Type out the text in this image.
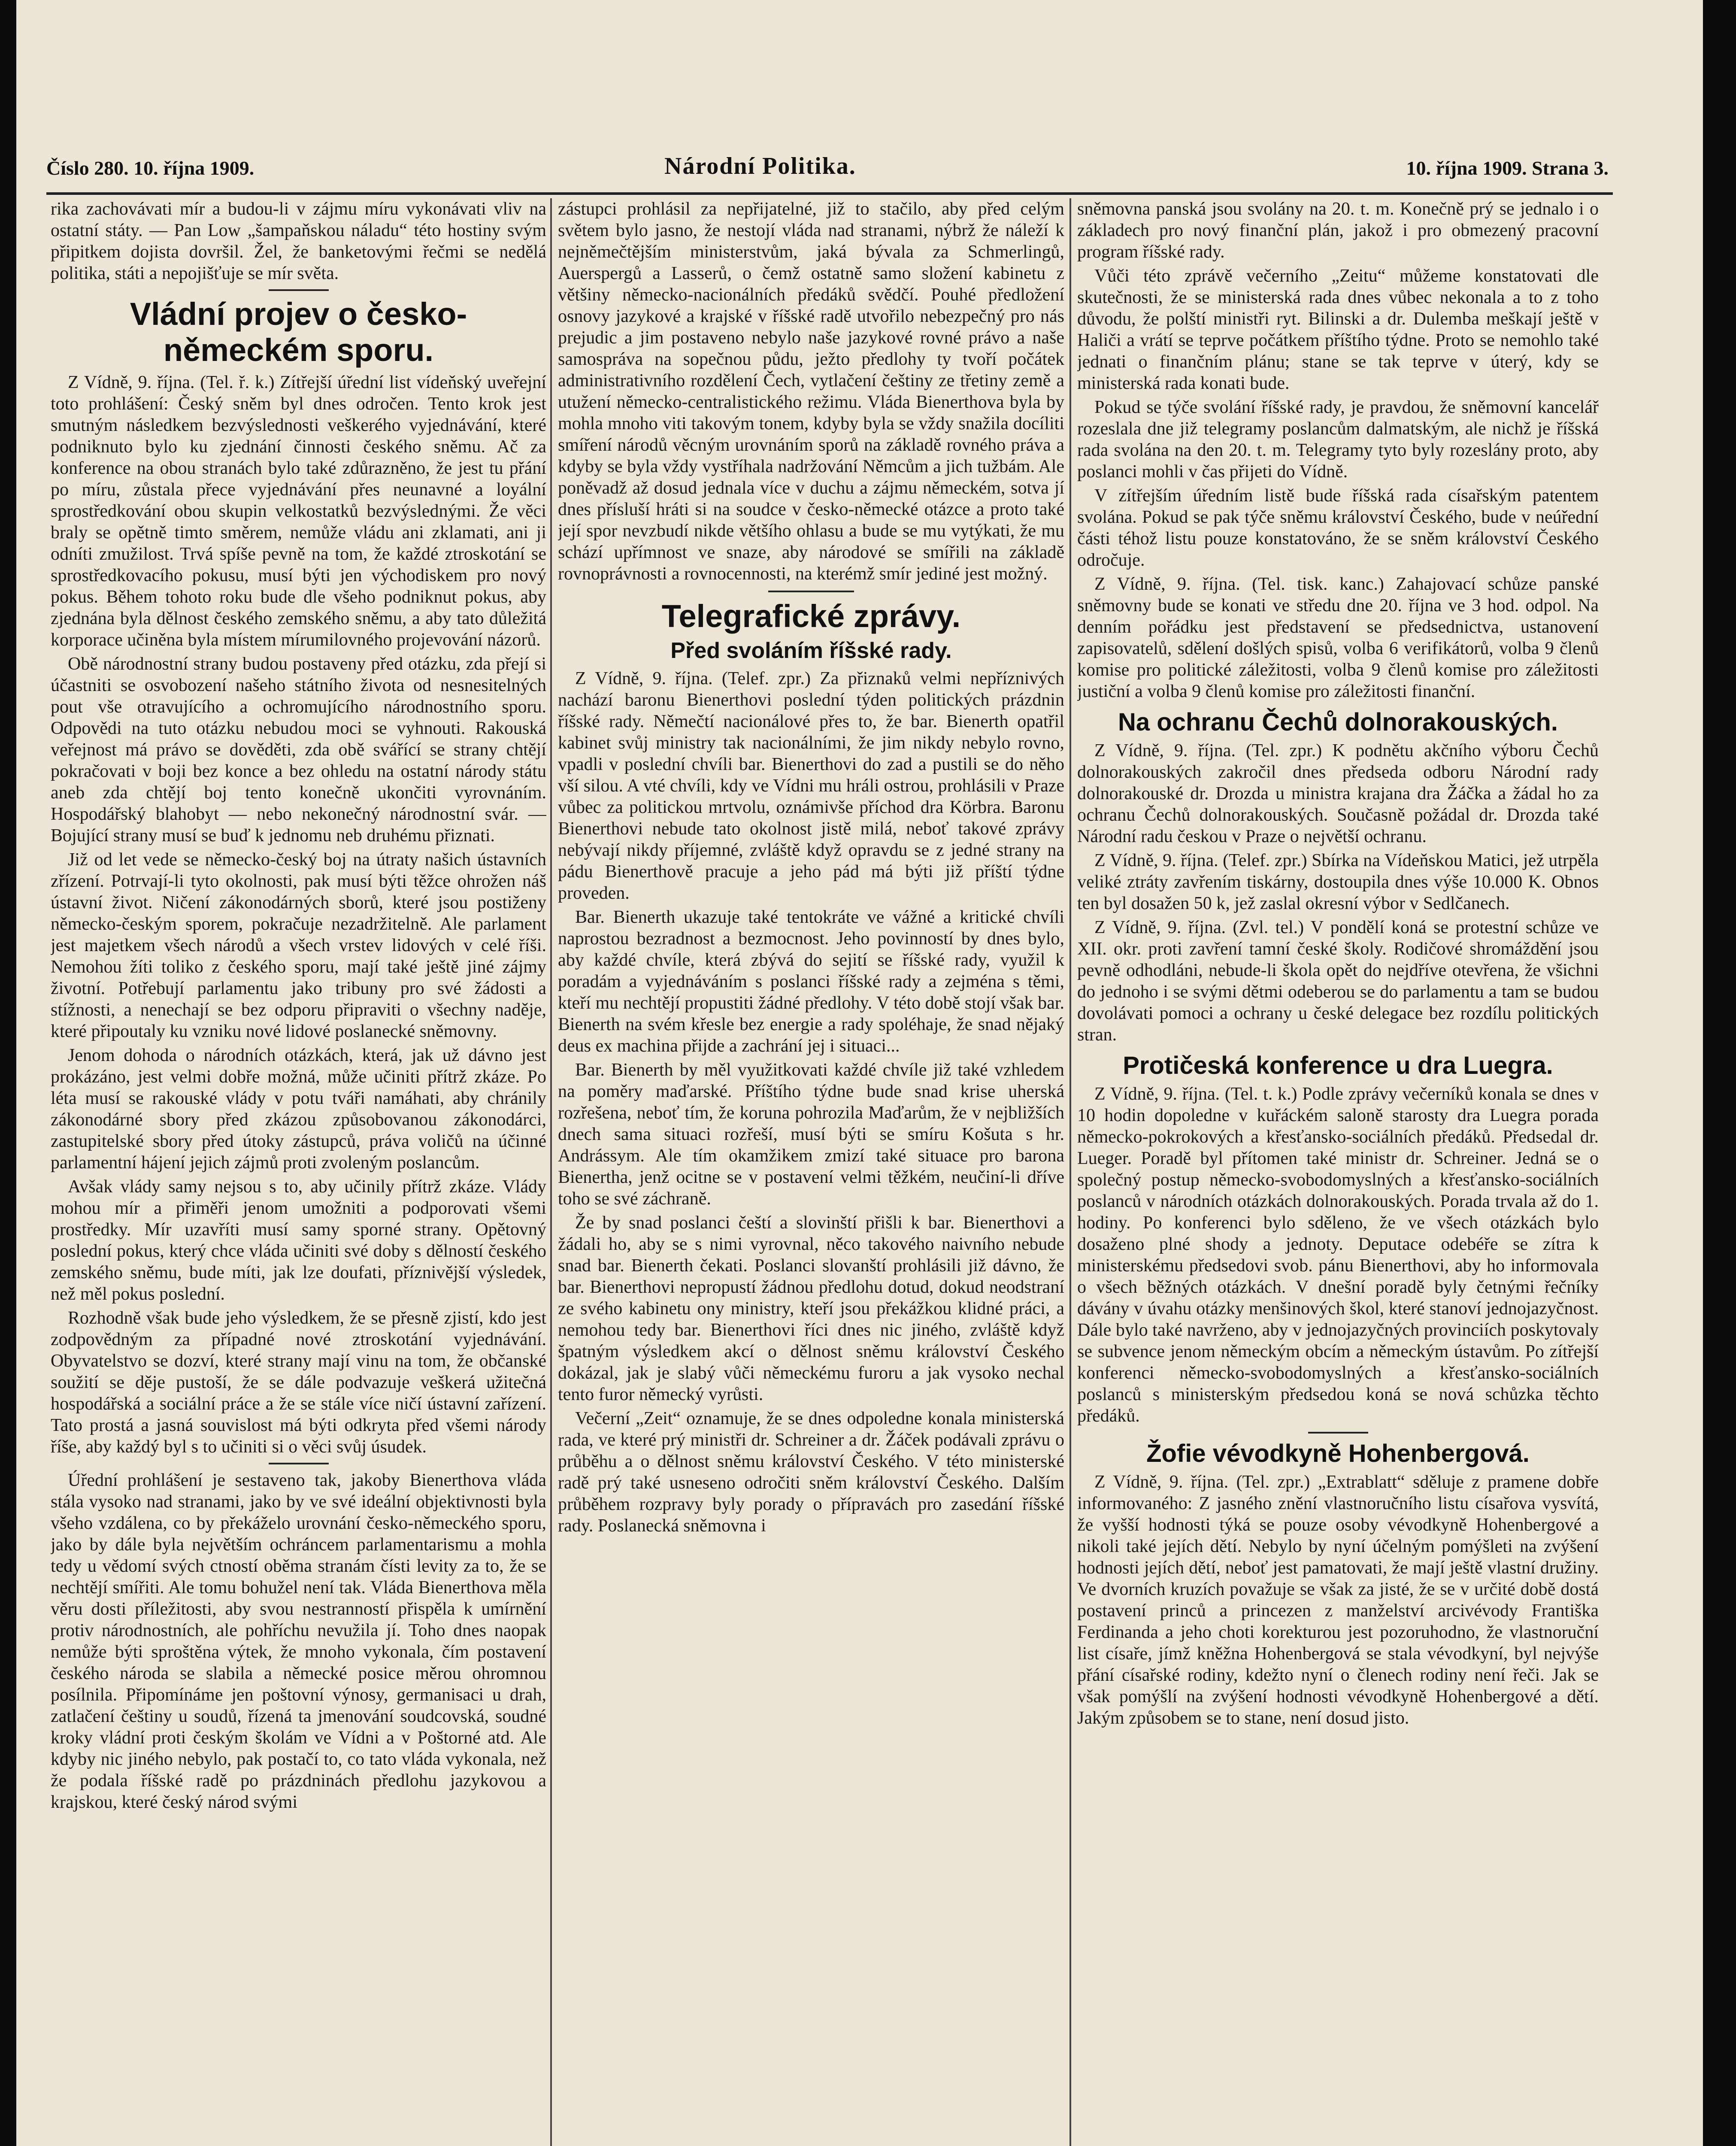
Číslo 280. 10. října 1909.	Národní Politika.	10. října 1909. Strana 3.

rika zachovávati mír a budou-li v zájmu míru vykonávati vliv na ostatní státy. — Pan Low „šampaňskou náladu“ této hostiny svým připitkem dojista dovršil. Žel, že banketovými řečmi se nedělá politika, státi a nepojišťuje se mír světa.

Vládní projev o česko-německém sporu.

Z Vídně, 9. října. (Tel. ř. k.) Zítřejší úřední list vídeňský uveřejní toto prohlášení: Český sněm byl dnes odročen. Tento krok jest smutným následkem bezvýslednosti veškerého vyjednávání, které podniknuto bylo ku zjednání činnosti českého sněmu. Ač za konference na obou stranách bylo také zdůrazněno, že jest tu přání po míru, zůstala přece vyjednávání přes neunavné a loyální sprostředkování obou skupin velkostatků bezvýslednými. Že věci braly se opětně timto směrem, nemůže vládu ani zklamati, ani ji odníti zmužilost. Trvá spíše pevně na tom, že každé ztroskotání se sprostředkovacího pokusu, musí býti jen východiskem pro nový pokus. Během tohoto roku bude dle všeho podniknut pokus, aby zjednána byla dělnost českého zemského sněmu, a aby tato důležitá korporace učiněna byla místem mírumilovného projevování názorů.

Obě národnostní strany budou postaveny před otázku, zda přejí si účastniti se osvobození našeho státního života od nesnesitelných pout vše otravujícího a ochromujícího národnostního sporu. Odpovědi na tuto otázku nebudou moci se vyhnouti. Rakouská veřejnost má právo se dověděti, zda obě svářící se strany chtějí pokračovati v boji bez konce a bez ohledu na ostatní národy státu aneb zda chtějí boj tento konečně ukončiti vyrovnáním. Hospodářský blahobyt — nebo nekonečný národnostní svár. — Bojující strany musí se buď k jednomu neb druhému přiznati.

Již od let vede se německo-český boj na útraty našich ústavních zřízení. Potrvají-li tyto okolnosti, pak musí býti těžce ohrožen náš ústavní život. Ničení zákonodárných sborů, které jsou postiženy německo-českým sporem, pokračuje nezadržitelně. Ale parlament jest majetkem všech národů a všech vrstev lidových v celé říši. Nemohou žíti toliko z českého sporu, mají také ještě jiné zájmy životní. Potřebují parlamentu jako tribuny pro své žádosti a stížnosti, a nenechají se bez odporu připraviti o všechny naděje, které připoutaly ku vzniku nové lidové poslanecké sněmovny.

Jenom dohoda o národních otázkách, která, jak už dávno jest prokázáno, jest velmi dobře možná, může učiniti přítrž zkáze. Po léta musí se rakouské vlády v potu tváři namáhati, aby chránily zákonodárné sbory před zkázou způsobovanou zákonodárci, zastupitelské sbory před útoky zástupců, práva voličů na účinné parlamentní hájení jejich zájmů proti zvoleným poslancům.

Avšak vlády samy nejsou s to, aby učinily přítrž zkáze. Vlády mohou mír a přiměři jenom umožniti a podporovati všemi prostředky. Mír uzavříti musí samy sporné strany. Opětovný poslední pokus, který chce vláda učiniti své doby s dělností českého zemského sněmu, bude míti, jak lze doufati, příznivější výsledek, než měl pokus poslední.

Rozhodně však bude jeho výsledkem, že se přesně zjistí, kdo jest zodpovědným za případné nové ztroskotání vyjednávání. Obyvatelstvo se dozví, které strany mají vinu na tom, že občanské soužití se děje pustoší, že se dále podvazuje veškerá užitečná hospodářská a sociální práce a že se stále více ničí ústavní zařízení. Tato prostá a jasná souvislost má býti odkryta před všemi národy říše, aby každý byl s to učiniti si o věci svůj úsudek.

Úřední prohlášení je sestaveno tak, jakoby Bienerthova vláda stála vysoko nad stranami, jako by ve své ideální objektivnosti byla všeho vzdálena, co by překáželo urovnání česko-německého sporu, jako by dále byla největším ochráncem parlamentarismu a mohla tedy u vědomí svých ctností oběma stranám čísti levity za to, že se nechtějí smířiti. Ale tomu bohužel není tak. Vláda Bienerthova měla věru dosti příležitosti, aby svou nestranností přispěla k umírnění protiv národnostních, ale pohříchu nevužila jí. Toho dnes naopak nemůže býti sproštěna výtek, že mnoho vykonala, čím postavení českého národa se slabila a německé posice měrou ohromnou posílnila. Připomínáme jen poštovní výnosy, germanisaci u drah, zatlačení češtiny u soudů, řízená ta jmenování soudcovská, soudné kroky vládní proti českým školám ve Vídni a v Poštorné atd. Ale kdyby nic jiného nebylo, pak postačí to, co tato vláda vykonala, než že podala říšské radě po prázdninách předlohu jazykovou a krajskou, které český národ svými

zástupci prohlásil za nepřijatelné, již to stačilo, aby před celým světem bylo jasno, že nestojí vláda nad stranami, nýbrž že náleží k nejněmečtějším ministerstvům, jaká bývala za Schmerlingů, Auerspergů a Lasserů, o čemž ostatně samo složení kabinetu z většiny německo-nacionálních předáků svědčí. Pouhé předložení osnovy jazykové a krajské v říšské radě utvořilo nebezpečný pro nás prejudic a jim postaveno nebylo naše jazykové rovné právo a naše samospráva na sopečnou půdu, ježto předlohy ty tvoří počátek administrativního rozdělení Čech, vytlačení češtiny ze třetiny země a utužení německo-centralistického režimu. Vláda Bienerthova byla by mohla mnoho viti takovým tonem, kdyby byla se vždy snažila docíliti smíření národů věcným urovnáním sporů na základě rovného práva a kdyby se byla vždy vystříhala nadržování Němcům a jich tužbám. Ale poněvadž až dosud jednala více v duchu a zájmu německém, sotva jí dnes přísluší hráti si na soudce v česko-německé otázce a proto také její spor nevzbudí nikde většího ohlasu a bude se mu vytýkati, že mu schází upřímnost ve snaze, aby národové se smířili na základě rovnoprávnosti a rovnocennosti, na kterémž smír jediné jest možný.

Telegrafické zprávy.
Před svoláním říšské rady.

Z Vídně, 9. října. (Telef. zpr.) Za přiznaků velmi nepříznivých nachází baronu Bienerthovi poslední týden politických prázdnin říšské rady. Němečtí nacionálové přes to, že bar. Bienerth opatřil kabinet svůj ministry tak nacionálními, že jim nikdy nebylo rovno, vpadli v poslední chvíli bar. Bienerthovi do zad a pustili se do něho vší silou. A vté chvíli, kdy ve Vídni mu hráli ostrou, prohlásili v Praze vůbec za politickou mrtvolu, oznámivše příchod dra Körbra. Baronu Bienerthovi nebude tato okolnost jistě milá, neboť takové zprávy nebývají nikdy příjemné, zvláště když opravdu se z jedné strany na pádu Bienerthově pracuje a jeho pád má býti již příští týdne proveden.

Bar. Bienerth ukazuje také tentokráte ve vážné a kritické chvíli naprostou bezradnost a bezmocnost. Jeho povinností by dnes bylo, aby každé chvíle, která zbývá do sejití se říšské rady, využil k poradám a vyjednáváním s poslanci říšské rady a zejména s těmi, kteří mu nechtějí propustiti žádné předlohy. V této době stojí však bar. Bienerth na svém křesle bez energie a rady spoléhaje, že snad nějaký deus ex machina přijde a zachrání jej i situaci...

Bar. Bienerth by měl využitkovati každé chvíle již také vzhledem na poměry maďarské. Příštího týdne bude snad krise uherská rozřešena, neboť tím, že koruna pohrozila Maďarům, že v nejbližších dnech sama situaci rozřeší, musí býti se smíru Košuta s hr. Andrássym. Ale tím okamžikem zmizí také situace pro barona Bienertha, jenž ocitne se v postavení velmi těžkém, neučiní-li dříve toho se své záchraně.

Že by snad poslanci čeští a slovinští přišli k bar. Bienerthovi a žádali ho, aby se s nimi vyrovnal, něco takového naivního nebude snad bar. Bienerth čekati. Poslanci slovanští prohlásili již dávno, že bar. Bienerthovi nepropustí žádnou předlohu dotud, dokud neodstraní ze svého kabinetu ony ministry, kteří jsou překážkou klidné práci, a nemohou tedy bar. Bienerthovi říci dnes nic jiného, zvláště když špatným výsledkem akcí o dělnost sněmu království Českého dokázal, jak je slabý vůči německému furoru a jak vysoko nechal tento furor německý vyrůsti.

Večerní „Zeit“ oznamuje, že se dnes odpoledne konala ministerská rada, ve které prý ministři dr. Schreiner a dr. Žáček podávali zprávu o průběhu a o dělnost sněmu království Českého. V této ministerské radě prý také usneseno odročiti sněm království Českého. Dalším průběhem rozpravy byly porady o přípravách pro zasedání říšské rady. Poslanecká sněmovna i

sněmovna panská jsou svolány na 20. t. m. Konečně prý se jednalo i o základech pro nový finanční plán, jakož i pro obmezený pracovní program říšské rady.

Vůči této zprávě večerního „Zeitu“ můžeme konstatovati dle skutečnosti, že se ministerská rada dnes vůbec nekonala a to z toho důvodu, že polští ministři ryt. Bilinski a dr. Dulemba meškají ještě v Haliči a vrátí se teprve počátkem příštího týdne. Proto se nemohlo také jednati o finančním plánu; stane se tak teprve v úterý, kdy se ministerská rada konati bude.

Pokud se týče svolání říšské rady, je pravdou, že sněmovní kancelář rozeslala dne již telegramy poslancům dalmatským, ale nichž je říšská rada svolána na den 20. t. m. Telegramy tyto byly rozeslány proto, aby poslanci mohli v čas přijeti do Vídně.

V zítřejším úředním listě bude říšská rada císařským patentem svolána. Pokud se pak týče sněmu království Českého, bude v neúřední části téhož listu pouze konstatováno, že se sněm království Českého odročuje.

Z Vídně, 9. října. (Tel. tisk. kanc.) Zahajovací schůze panské sněmovny bude se konati ve středu dne 20. října ve 3 hod. odpol. Na denním pořádku jest představení se předsednictva, ustanovení zapisovatelů, sdělení došlých spisů, volba 6 verifikátorů, volba 9 členů komise pro politické záležitosti, volba 9 členů komise pro záležitosti justiční a volba 9 členů komise pro záležitosti finanční.

Na ochranu Čechů dolnorakouských.

Z Vídně, 9. října. (Tel. zpr.) K podnětu akčního výboru Čechů dolnorakouských zakročil dnes předseda odboru Národní rady dolnorakouské dr. Drozda u ministra krajana dra Žáčka a žádal ho za ochranu Čechů dolnorakouských. Současně požádal dr. Drozda také Národní radu českou v Praze o největší ochranu.

Z Vídně, 9. října. (Telef. zpr.) Sbírka na Vídeňskou Matici, jež utrpěla veliké ztráty zavřením tiskárny, dostoupila dnes výše 10.000 K. Obnos ten byl dosažen 50 k, jež zaslal okresní výbor v Sedlčanech.

Z Vídně, 9. října. (Zvl. tel.) V pondělí koná se protestní schůze ve XII. okr. proti zavření tamní české školy. Rodičové shromáždění jsou pevně odhodláni, nebude-li škola opět do nejdříve otevřena, že všichni do jednoho i se svými dětmi odeberou se do parlamentu a tam se budou dovolávati pomoci a ochrany u české delegace bez rozdílu politických stran.

Protičeská konference u dra Luegra.

Z Vídně, 9. října. (Tel. t. k.) Podle zprávy večerníků konala se dnes v 10 hodin dopoledne v kuřáckém saloně starosty dra Luegra porada německo-pokrokových a křesťansko-sociálních předáků. Předsedal dr. Lueger. Poradě byl přítomen také ministr dr. Schreiner. Jedná se o společný postup německo-svobodomyslných a křesťansko-sociálních poslanců v národních otázkách dolnorakouských. Porada trvala až do 1. hodiny. Po konferenci bylo sděleno, že ve všech otázkách bylo dosaženo plné shody a jednoty. Deputace odebéře se zítra k ministerskému předsedovi svob. pánu Bienerthovi, aby ho informovala o všech běžných otázkách. V dnešní poradě byly četnými řečníky dávány v úvahu otázky menšinových škol, které stanoví jednojazyčnost. Dále bylo také navrženo, aby v jednojazyčných provinciích poskytovaly se subvence jenom německým obcím a německým ústavům. Po zítřejší konferenci německo-svobodomyslných a křesťansko-sociálních poslanců s ministerským předsedou koná se nová schůzka těchto předáků.

Žofie vévodkyně Hohenbergová.

Z Vídně, 9. října. (Tel. zpr.) „Extrablatt“ sděluje z pramene dobře informovaného: Z jasného znění vlastnoručního listu císařova vysvítá, že vyšší hodnosti týká se pouze osoby vévodkyně Hohenbergové a nikoli také jejích dětí. Nebylo by nyní účelným pomýšleti na zvýšení hodnosti jejích dětí, neboť jest pamatovati, že mají ještě vlastní družiny. Ve dvorních kruzích považuje se však za jisté, že se v určité době dostá postavení princů a princezen z manželství arcivévody Františka Ferdinanda a jeho choti korekturou jest pozoruhodno, že vlastnoruční list císaře, jímž kněžna Hohenbergová se stala vévodkyní, byl nejvýše přání císařské rodiny, kdežto nyní o členech rodiny není řeči. Jak se však pomýšlí na zvýšení hodnosti vévodkyně Hohenbergové a dětí. Jakým způsobem se to stane, není dosud jisto.
